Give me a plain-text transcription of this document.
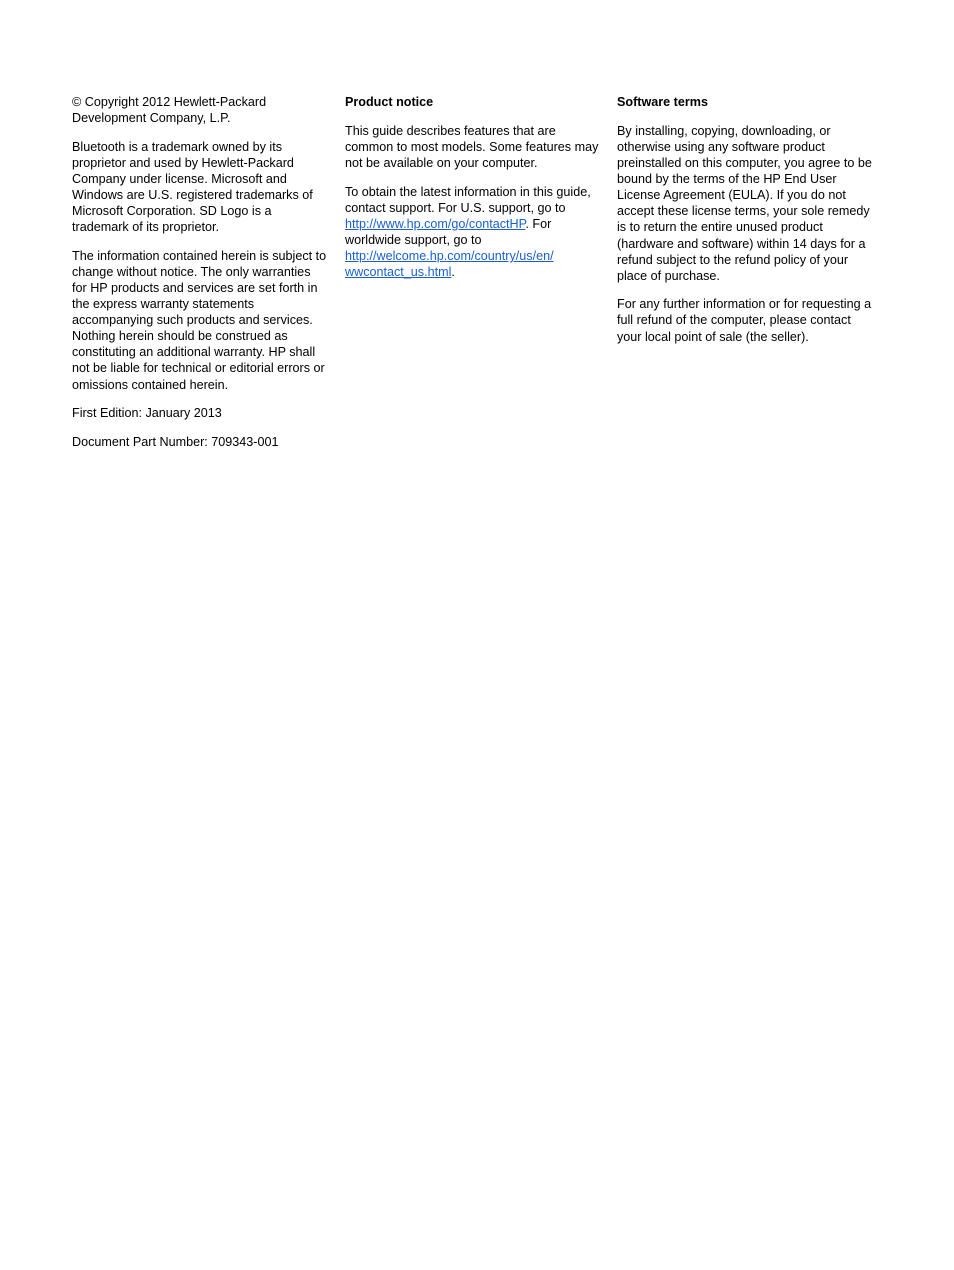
© Copyright 2012 Hewlett-Packard Development Company, L.P.

Bluetooth is a trademark owned by its proprietor and used by Hewlett-Packard Company under license. Microsoft and Windows are U.S. registered trademarks of Microsoft Corporation. SD Logo is a trademark of its proprietor.

The information contained herein is subject to change without notice. The only warranties for HP products and services are set forth in the express warranty statements accompanying such products and services. Nothing herein should be construed as constituting an additional warranty. HP shall not be liable for technical or editorial errors or omissions contained herein.

First Edition: January 2013

Document Part Number: 709343-001

Product notice

This guide describes features that are common to most models. Some features may not be available on your computer.

To obtain the latest information in this guide, contact support. For U.S. support, go to http://www.hp.com/go/contactHP. For worldwide support, go to http://welcome.hp.com/country/us/en/
wwcontact_us.html.

Software terms

By installing, copying, downloading, or otherwise using any software product preinstalled on this computer, you agree to be bound by the terms of the HP End User License Agreement (EULA). If you do not accept these license terms, your sole remedy is to return the entire unused product (hardware and software) within 14 days for a refund subject to the refund policy of your place of purchase.

For any further information or for requesting a full refund of the computer, please contact your local point of sale (the seller).
